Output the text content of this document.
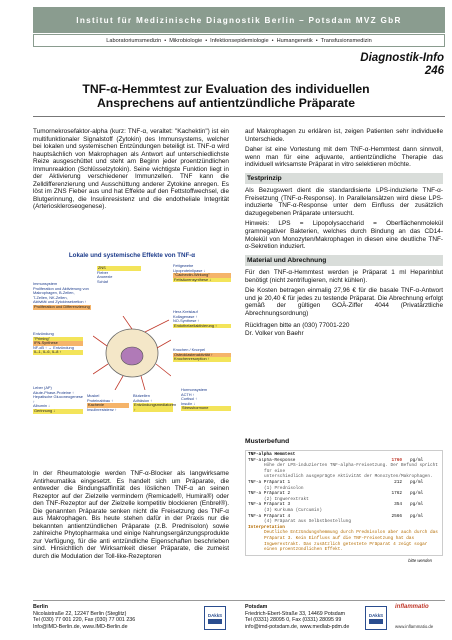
Institut für Medizinische Diagnostik Berlin – Potsdam MVZ GbR
Laboratoriumsmedizin • Mikrobiologie • Infektionsepidemiologie • Humangenetik • Transfusionsmedizin
Diagnostik-Info
246
TNF-α-Hemmtest zur Evaluation des individuellen
Ansprechens auf antientzündliche Präparate
Tumornekrosefaktor-alpha (kurz: TNF-α, veraltet: "Kachektin") ist ein multifunktionaler Signalstoff (Zytokin) des Immunsystems, welcher bei lokalen und systemischen Entzündungen beteiligt ist. TNF-α wird hauptsächlich von Makrophagen als Antwort auf unterschiedlichste Reize ausgeschüttet und steht am Beginn jeder proentzündlichen Immunreaktion (Schlüsselzytokin). Seine wichtigste Funktion liegt in der Aktivierung verschiedener Immunzellen. TNF kann die Zelldifferenzierung und Ausschüttung anderer Zytokine anregen. Es löst im ZNS Fieber aus und hat Effekte auf den Fettstoffwechsel, die Blutgerinnung, die Insulinresistenz und die endotheliale Integrität (Arterioskleroseogenese).
Lokale und systemische Effekte von TNF-α
ZNS
Fieber
Anorexie
Schlaf
Fettgewebe
Lipoproteinlipase ↓
"Cachectin-Wirkung"
Fettsäurensynthese ↓
Immunsystem
Proliferation und Aktivierung von
Makrophagen, B-Zellen,
T-Zellen, NK-Zellen,
Aktivität und Zytokinsekretion ↑
Proliferation und Differenzierung
Herz-Kreislauf
Kollagenase ↑
NO-Synthese ↑
Endothelzellaktivierung ↑
Entzündung
"Priming"
IFN-Synthese
NF-κB ↑ → Entzündung
IL-1, IL-6, IL-8 ↑	Knochen / Knorpel
Osteoklastenaktivität ↑
Knochenresorption ↑
Leber (AP)
Akute-Phase-Proteine ↑
Hepatische Gluconeogenese ↑
Albumin ↓
Gerinnung ↓
Muskel
Proteinabbau ↑
Kachexie
Insulinresistenz ↑
Blutzellen
Adhäsion ↑
Entzündungsmediatoren ↑
Hormonsystem
ACTH ↑
Cortisol ↑
Insulin ↓
Stresshormone
In der Rheumatologie werden TNF-α-Blocker als langwirksame Antirheumatika eingesetzt. Es handelt sich um Präparate, die entweder die Bindungsaffinität des löslichen TNF-α an seinen Rezeptor auf der Zielzelle vermindern (Remicade®, Humira®) oder den TNF-Rezeptor auf der Zielzelle kompetitiv blockieren (Enbrel®). Die genannten Präparate senken nicht die Freisetzung des TNF-α aus Makrophagen. Bis heute stehen dafür in der Praxis nur die bekannten antientzündlichen Präparate (z.B. Prednisolon) sowie zahlreiche Phytopharmaka und einige Nahrungsergänzungsprodukte zur Verfügung, für die anti entzündliche Eigenschaften beschrieben sind. Hinsichtlich der Wirksamkeit dieser Präparate, die zumeist durch die Modulation der Toll-like-Rezeptoren

auf Makrophagen zu erklären ist, zeigen Patienten sehr individuelle Unterschiede.

Daher ist eine Vortestung mit dem TNF-α-Hemmtest dann sinnvoll, wenn man für eine adjuvante, antientzündliche Therapie das individuell wirksamste Präparat in vitro selektieren möchte.

Testprinzip

Als Bezugswert dient die standardisierte LPS-induzierte TNF-α-Freisetzung (TNF-α-Response). In Parallelansätzen wird diese LPS-induzierte TNF-α-Response unter dem Einfluss der zusätzlich dazugegebenen Präparate untersucht.

Hinweis: LPS = Lipopolysaccharid = Oberflächenmolekül gramnegativer Bakterien, welches durch Bindung an das CD14-Molekül von Monozyten/Makrophagen in diesen eine deutliche TNF-α-Sekretion induziert.

Material und Abrechnung

Für den TNF-α-Hemmtest werden je Präparat 1 ml Heparinblut benötigt (nicht zentrifugieren, nicht kühlen).

Die Kosten betragen einmalig 27,96 € für die basale TNF-α-Antwort und je 20,40 € für jedes zu testende Präparat. Die Abrechnung erfolgt gemäß der gültigen GOÄ-Ziffer 4044 (Privatärztliche Abrechnungsordnung)

Rückfragen bitte an (030) 77001-220

Dr. Volker von Baehr

Musterbefund
TNF-alpha Hemmtest
TNF-alpha-Response	1760	pg/ml
Höhe der LPS-induzierten TNF-alpha-Freisetzung. Der Befund spricht für eine
unterschiedlich ausgeprägte Aktivität der Monozyten/Makrophagen.
TNF-a Präparat 1	212	pg/ml
(1) Prednisolon
TNF-a Präparat 2	1762	pg/ml
(2) Ingwerextrakt
TNF-a Präparat 3	354	pg/ml
(3) Kurkuma (Curcumin)
TNF-a Präparat 4	2566	pg/ml
(4) Präparat aus Selbstbestellung
Interpretation
Deutliche Entzündungshemmung durch Prednisolon aber auch durch das Präparat 3. Kein Einfluss auf die TNF-Freisetzung hat das Ingwerextrakt. Das zusätzlich getestete Präparat 4 zeigt sogar einen proentzündlichen Effekt.
bitte wenden
Berlin
Nicolaistraße 22, 12247 Berlin (Steglitz)
Tel (030) 77 001 220, Fax (030) 77 001 236
Info@IMD-Berlin.de, www.IMD-Berlin.de
DAkkS
Potsdam
Friedrich-Ebert-Straße 33, 14469 Potsdam
Tel (0331) 28095 0, Fax (0331) 28095 99
info@imd-potsdam.de, www.medlab-pdm.de
DAkkS
inflammatio
www.inflammatio.de
